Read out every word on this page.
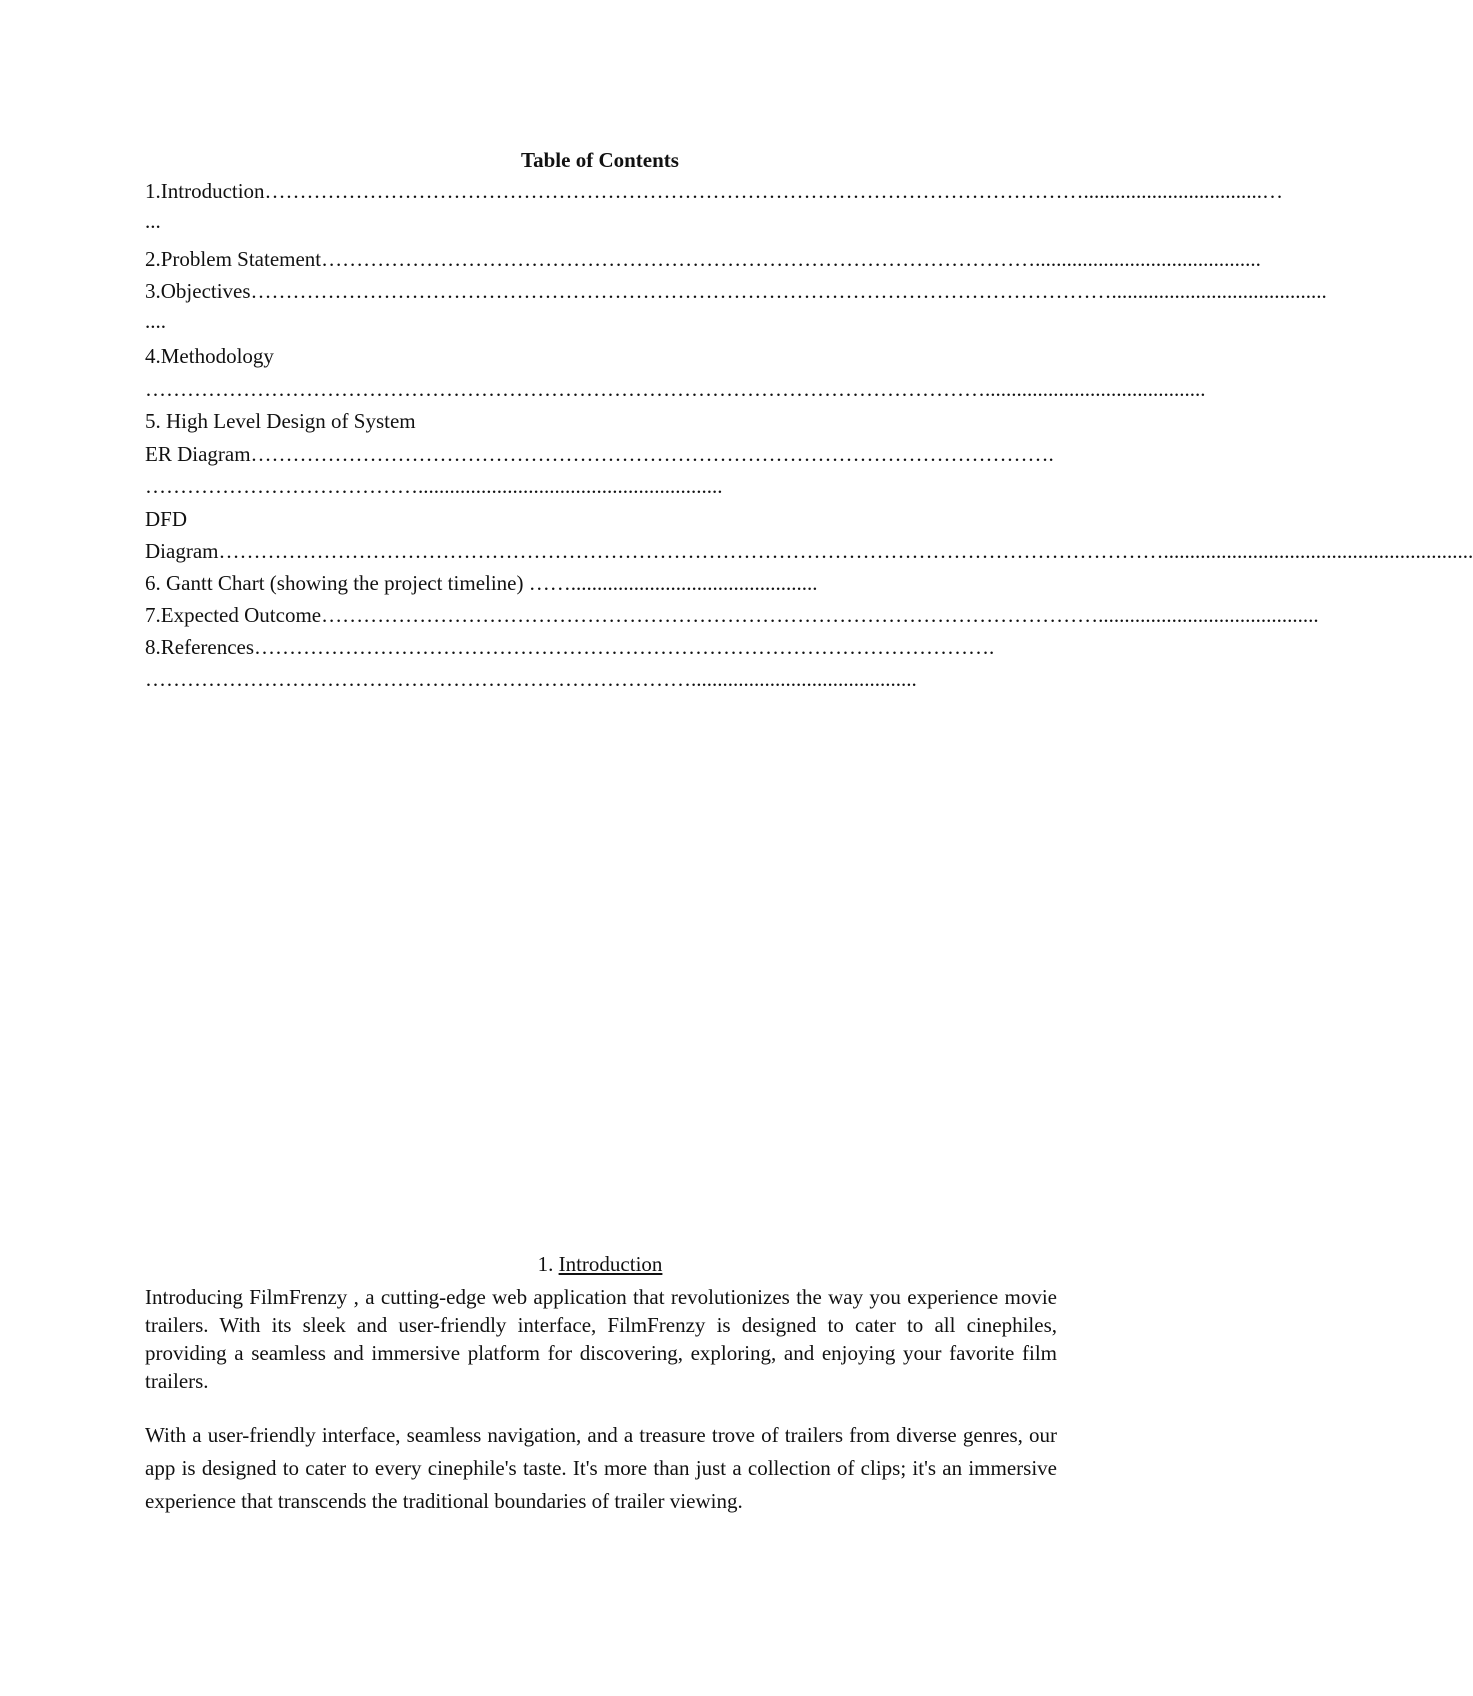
Table of Contents
1.Introduction………………………………………………………………………………………………………..................................…
...
2.Problem Statement…………………………………………………………………………………………...........................................
3.Objectives…………………………………………………………………………………………………………….........................................
....
4.Methodology
…………………………………………………………………………………………………………..........................................
5. High Level Design of System
ER Diagram…………………………………………………………………………………………………….
…………………………………..........................................................
DFD
Diagram………………………………………………………………………………………………………………………...........................................................
6. Gantt Chart (showing the project timeline) ……...............................................
7.Expected Outcome…………………………………………………………………………………………………..........................................
8.References…………………………………………………………………………………………….
……………………………………………………………………...........................................
1. Introduction
Introducing FilmFrenzy , a cutting-edge web application that revolutionizes the way you experience movie trailers. With its sleek and user-friendly interface, FilmFrenzy is designed to cater to all cinephiles, providing a seamless and immersive platform for discovering, exploring, and enjoying your favorite film trailers.
With a user-friendly interface, seamless navigation, and a treasure trove of trailers from diverse genres, our app is designed to cater to every cinephile's taste. It's more than just a collection of clips; it's an immersive experience that transcends the traditional boundaries of trailer viewing.
